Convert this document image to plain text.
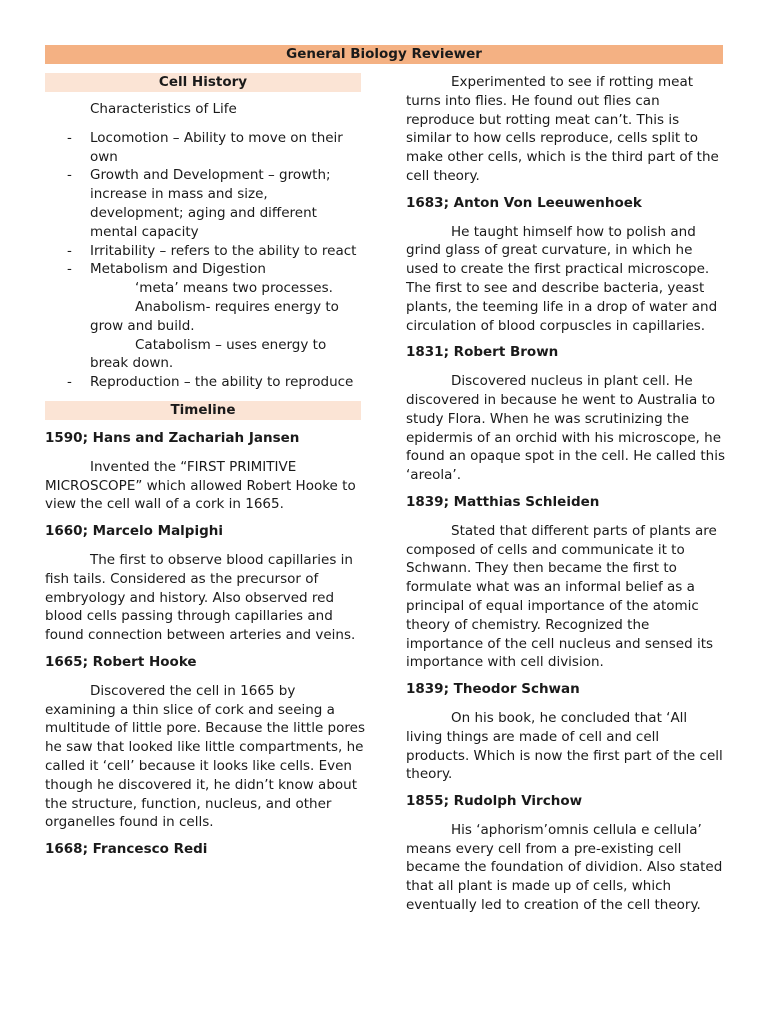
General Biology Reviewer
Cell History
Characteristics of Life
- Locomotion – Ability to move on their own
- Growth and Development – growth; increase in mass and size, development; aging and different mental capacity
- Irritability – refers to the ability to react
- Metabolism and Digestion
‘meta’ means two processes.
Anabolism- requires energy to grow and build.
Catabolism – uses energy to break down.
- Reproduction – the ability to reproduce
Timeline
1590; Hans and Zachariah Jansen

Invented the “FIRST PRIMITIVE MICROSCOPE” which allowed Robert Hooke to view the cell wall of a cork in 1665.

1660; Marcelo Malpighi

The first to observe blood capillaries in fish tails. Considered as the precursor of embryology and history. Also observed red blood cells passing through capillaries and found connection between arteries and veins.

1665; Robert Hooke

Discovered the cell in 1665 by examining a thin slice of cork and seeing a multitude of little pore. Because the little pores he saw that looked like little compartments, he called it ‘cell’ because it looks like cells. Even though he discovered it, he didn’t know about the structure, function, nucleus, and other organelles found in cells.

1668; Francesco Redi

Experimented to see if rotting meat turns into flies. He found out flies can reproduce but rotting meat can’t. This is similar to how cells reproduce, cells split to make other cells, which is the third part of the cell theory.

1683; Anton Von Leeuwenhoek

He taught himself how to polish and grind glass of great curvature, in which he used to create the first practical microscope. The first to see and describe bacteria, yeast plants, the teeming life in a drop of water and circulation of blood corpuscles in capillaries.

1831; Robert Brown

Discovered nucleus in plant cell. He discovered in because he went to Australia to study Flora. When he was scrutinizing the epidermis of an orchid with his microscope, he found an opaque spot in the cell. He called this ‘areola’.

1839; Matthias Schleiden

Stated that different parts of plants are composed of cells and communicate it to Schwann. They then became the first to formulate what was an informal belief as a principal of equal importance of the atomic theory of chemistry. Recognized the importance of the cell nucleus and sensed its importance with cell division.

1839; Theodor Schwan

On his book, he concluded that ‘All living things are made of cell and cell products. Which is now the first part of the cell theory.

1855; Rudolph Virchow

His ‘aphorism’omnis cellula e cellula’ means every cell from a pre-existing cell became the foundation of dividion. Also stated that all plant is made up of cells, which eventually led to creation of the cell theory.
